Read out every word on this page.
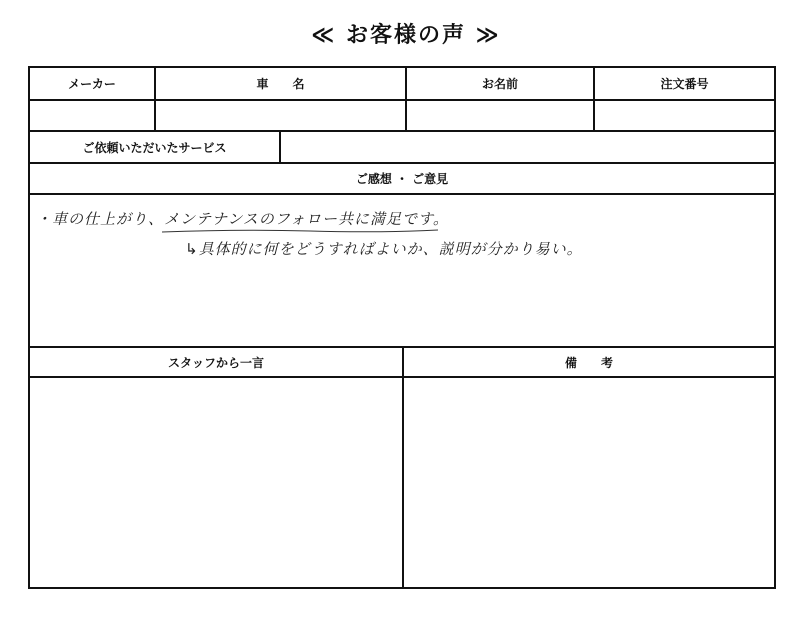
≪ お客様の声 ≫
メーカー	車　　名	お名前	注文番号
ご依頼いただいたサービス
ご感想 ・ ご意見
・車の仕上がり、メンテナンスのフォロー共に満足です。
↳具体的に何をどうすればよいか、説明が分かり易い。
スタッフから一言	備　　考
